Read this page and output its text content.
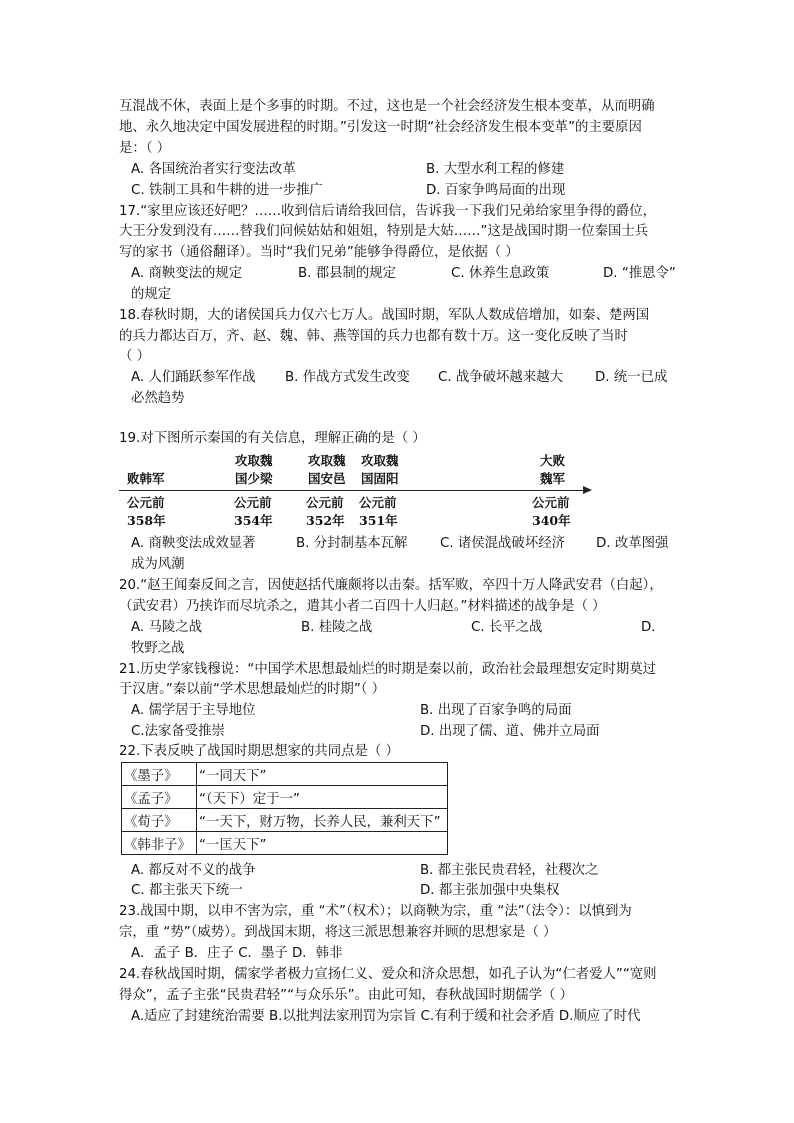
互混战不休，表面上是个多事的时期。不过，这也是一个社会经济发生根本变革，从而明确
地、永久地决定中国发展进程的时期。”引发这一时期“社会经济发生根本变革”的主要原因
是：（ ）
A. 各国统治者实行变法改革	B. 大型水利工程的修建
C. 铁制工具和牛耕的进一步推广	D. 百家争鸣局面的出现
17.“家里应该还好吧？……收到信后请给我回信，告诉我一下我们兄弟给家里争得的爵位，
大王分发到没有……替我们问候姑姑和姐姐，特别是大姑……”这是战国时期一位秦国士兵
写的家书（通俗翻译）。当时“我们兄弟”能够争得爵位，是依据（ ）
A. 商鞅变法的规定	B. 郡县制的规定	C. 休养生息政策	D. “推恩令”
的规定
18.春秋时期，大的诸侯国兵力仅六七万人。战国时期，军队人数成倍增加，如秦、楚两国
的兵力都达百万，齐、赵、魏、韩、燕等国的兵力也都有数十万。这一变化反映了当时
（ ）
A. 人们踊跃参军作战 B. 作战方式发生改变 C. 战争破坏越来越大 D. 统一已成
必然趋势
19.对下图所示秦国的有关信息，理解正确的是（ ）
攻取魏	攻取魏 攻取魏	大败
败韩军	国少梁	国安邑 国固阳	魏军
公元前	公元前	公元前 公元前	公元前
358年	354年	352年 351年	340年
A. 商鞅变法成效显著	B. 分封制基本瓦解 C. 诸侯混战破坏经济 D. 改革图强
成为风潮
20.“赵王闻秦反间之言，因使赵括代廉颇将以击秦。括军败，卒四十万人降武安君（白起），
（武安君）乃挟诈而尽坑杀之，遣其小者二百四十人归赵。”材料描述的战争是（ ）
A. 马陵之战	B. 桂陵之战	C. 长平之战	D.
牧野之战
21.历史学家钱穆说：“中国学术思想最灿烂的时期是秦以前，政治社会最理想安定时期莫过
于汉唐。”秦以前“学术思想最灿烂的时期”（ ）
A. 儒学居于主导地位	B. 出现了百家争鸣的局面
C.法家备受推崇	D. 出现了儒、道、佛并立局面
22.下表反映了战国时期思想家的共同点是（ ）
《墨子》	“一同天下”
《孟子》	“（天下）定于一”
《荀子》	“一天下，财万物，长养人民，兼利天下”
《韩非子》	“一匡天下”
A. 都反对不义的战争	B. 都主张民贵君轻，社稷次之
C. 都主张天下统一	D. 都主张加强中央集权
23.战国中期，以申不害为宗，重 “术”（权术）；以商鞅为宗，重 “法”（法令）：以慎到为
宗，重 “势”（威势）。到战国末期，将这三派思想兼容并顾的思想家是（ ）
A．孟子 B．庄子 C．墨子 D．韩非
24.春秋战国时期，儒家学者极力宣扬仁义、爱众和济众思想，如孔子认为“仁者爱人”“宽则
得众”，孟子主张“民贵君轻”“与众乐乐”。由此可知，春秋战国时期儒学（ ）
A.适应了封建统治需要 B.以批判法家刑罚为宗旨 C.有利于缓和社会矛盾 D.顺应了时代
